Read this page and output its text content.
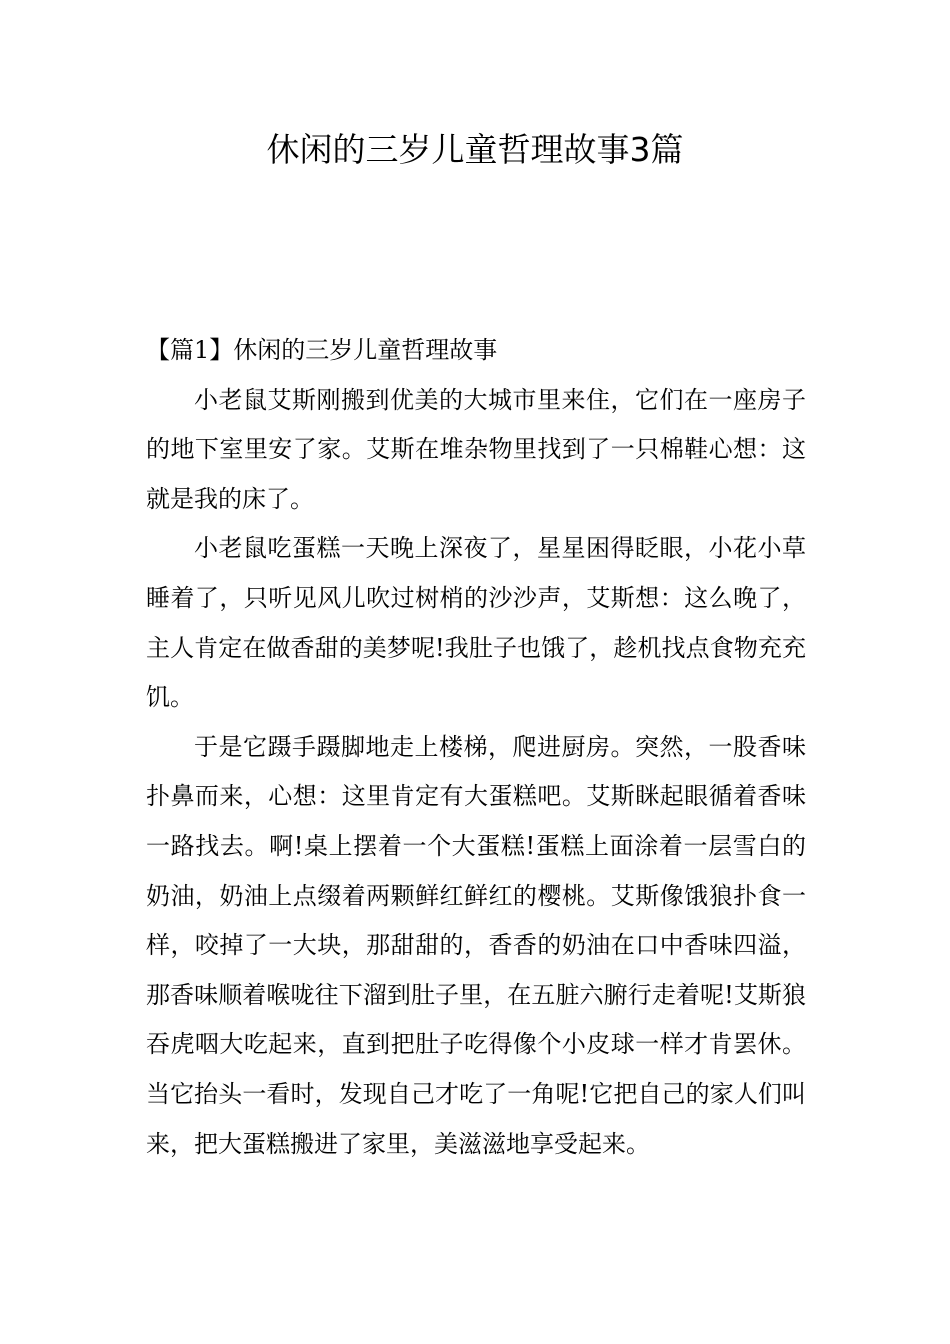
休闲的三岁儿童哲理故事3篇
【篇1】休闲的三岁儿童哲理故事

小老鼠艾斯刚搬到优美的大城市里来住，它们在一座房子的地下室里安了家。艾斯在堆杂物里找到了一只棉鞋心想：这就是我的床了。

小老鼠吃蛋糕一天晚上深夜了，星星困得眨眼，小花小草睡着了，只听见风儿吹过树梢的沙沙声，艾斯想：这么晚了，主人肯定在做香甜的美梦呢!我肚子也饿了，趁机找点食物充充饥。

于是它蹑手蹑脚地走上楼梯，爬进厨房。突然，一股香味扑鼻而来，心想：这里肯定有大蛋糕吧。艾斯眯起眼循着香味一路找去。啊!桌上摆着一个大蛋糕!蛋糕上面涂着一层雪白的奶油，奶油上点缀着两颗鲜红鲜红的樱桃。艾斯像饿狼扑食一样，咬掉了一大块，那甜甜的，香香的奶油在口中香味四溢，那香味顺着喉咙往下溜到肚子里，在五脏六腑行走着呢!艾斯狼吞虎咽大吃起来，直到把肚子吃得像个小皮球一样才肯罢休。当它抬头一看时，发现自己才吃了一角呢!它把自己的家人们叫来，把大蛋糕搬进了家里，美滋滋地享受起来。
